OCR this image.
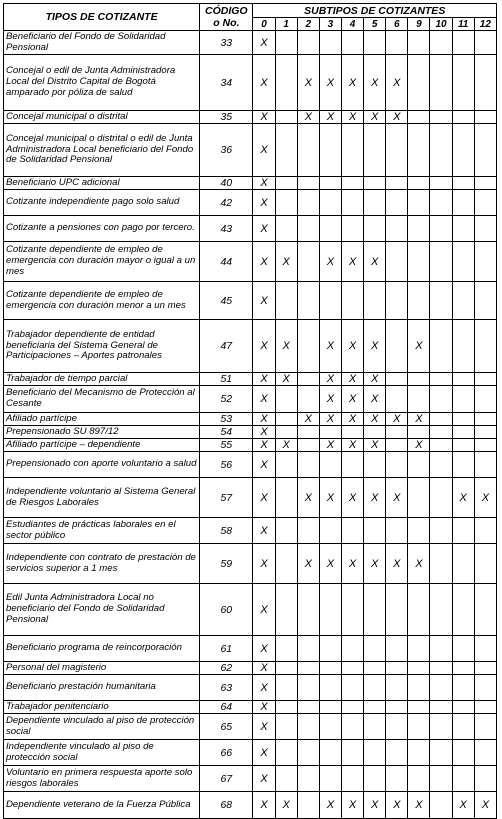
TIPOS DE COTIZANTE	CÓDIGO o No.	SUBTIPOS DE COTIZANTES										
		0	1	2	3	4	5	6	9	10	11	12
Beneficiario del Fondo de Solidaridad Pensional	33	X										
Concejal o edil de Junta Administradora Local del Distrito Capital de Bogotá amparado por póliza de salud	34	X		X	X	X	X	X				
Concejal municipal o distrital	35	X		X	X	X	X	X				
Concejal municipal o distrital o edil de Junta Administradora Local beneficiario del Fondo de Solidaridad Pensional	36	X										
Beneficiario UPC adicional	40	X										
Cotizante independiente pago solo salud	42	X										
Cotizante a pensiones con pago por tercero.	43	X										
Cotizante dependiente de empleo de emergencia con duración mayor o igual a un mes	44	X	X		X	X	X					
Cotizante dependiente de empleo de emergencia con duración menor a un mes	45	X										
Trabajador dependiente de entidad beneficiaria del Sistema General de Participaciones – Aportes patronales	47	X	X		X	X	X		X			
Trabajador de tiempo parcial	51	X	X		X	X	X					
Beneficiario del Mecanismo de Protección al Cesante	52	X			X	X	X					
Afiliado partícipe	53	X		X	X	X	X	X	X			
Prepensionado SU 897/12	54	X										
Afiliado partícipe – dependiente	55	X	X		X	X	X		X			
Prepensionado con aporte voluntario a salud	56	X										
Independiente voluntario al Sistema General de Riesgos Laborales	57	X		X	X	X	X	X			X	X
Estudiantes de prácticas laborales en el sector público	58	X										
Independiente con contrato de prestación de servicios superior a 1 mes	59	X		X	X	X	X	X	X			
Edil Junta Administradora Local no beneficiario del Fondo de Solidaridad Pensional	60	X										
Beneficiario programa de reincorporación	61	X										
Personal del magisterio	62	X										
Beneficiario prestación humanitaria	63	X										
Trabajador penitenciario	64	X										
Dependiente vinculado al piso de protección social	65	X										
Independiente vinculado al piso de protección social	66	X										
Voluntario en primera respuesta aporte solo riesgos laborales	67	X										
Dependiente veterano de la Fuerza Pública	68	X	X		X	X	X	X	X		X	X
